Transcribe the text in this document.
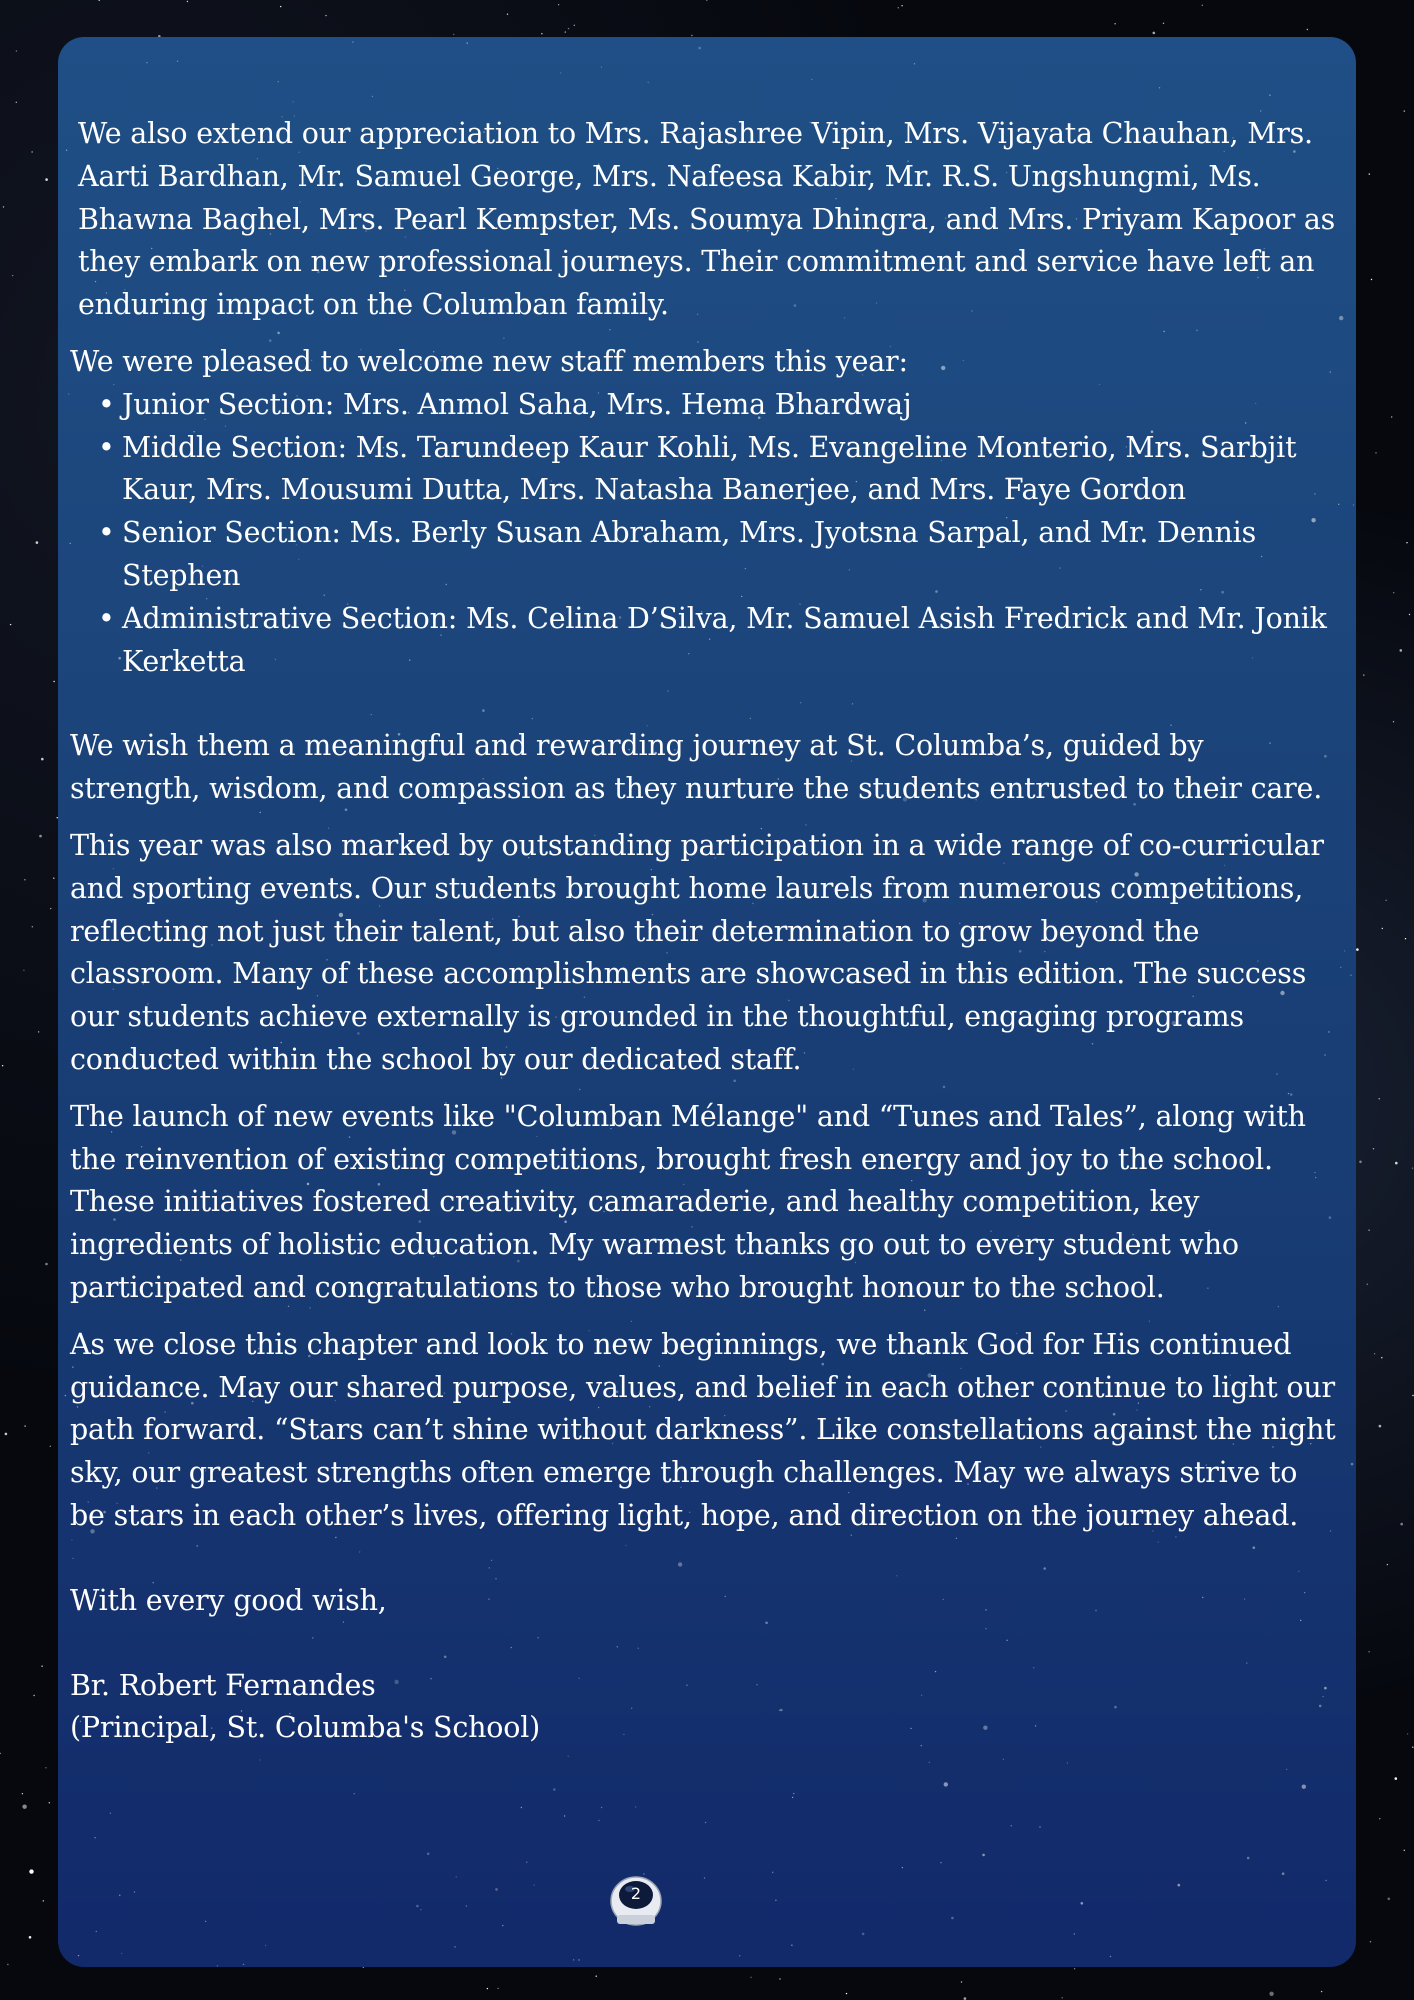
We also extend our appreciation to Mrs. Rajashree Vipin, Mrs. Vijayata Chauhan, Mrs. Aarti Bardhan, Mr. Samuel George, Mrs. Nafeesa Kabir, Mr. R.S. Ungshungmi, Ms. Bhawna Baghel, Mrs. Pearl Kempster, Ms. Soumya Dhingra, and Mrs. Priyam Kapoor as they embark on new professional journeys. Their commitment and service have left an enduring impact on the Columban family.

We were pleased to welcome new staff members this year:

• Junior Section: Mrs. Anmol Saha, Mrs. Hema Bhardwaj
• Middle Section: Ms. Tarundeep Kaur Kohli, Ms. Evangeline Monterio, Mrs. Sarbjit Kaur, Mrs. Mousumi Dutta, Mrs. Natasha Banerjee, and Mrs. Faye Gordon
• Senior Section: Ms. Berly Susan Abraham, Mrs. Jyotsna Sarpal, and Mr. Dennis Stephen
• Administrative Section: Ms. Celina D’Silva, Mr. Samuel Asish Fredrick and Mr. Jonik Kerketta

We wish them a meaningful and rewarding journey at St. Columba’s, guided by strength, wisdom, and compassion as they nurture the students entrusted to their care.

This year was also marked by outstanding participation in a wide range of co-curricular and sporting events. Our students brought home laurels from numerous competitions, reflecting not just their talent, but also their determination to grow beyond the classroom. Many of these accomplishments are showcased in this edition. The success our students achieve externally is grounded in the thoughtful, engaging programs conducted within the school by our dedicated staff.

The launch of new events like "Columban Mélange" and “Tunes and Tales”, along with the reinvention of existing competitions, brought fresh energy and joy to the school. These initiatives fostered creativity, camaraderie, and healthy competition, key ingredients of holistic education. My warmest thanks go out to every student who participated and congratulations to those who brought honour to the school.

As we close this chapter and look to new beginnings, we thank God for His continued guidance. May our shared purpose, values, and belief in each other continue to light our path forward. “Stars can’t shine without darkness”. Like constellations against the night sky, our greatest strengths often emerge through challenges. May we always strive to be stars in each other’s lives, offering light, hope, and direction on the journey ahead.

With every good wish,

Br. Robert Fernandes

(Principal, St. Columba's School)

2
